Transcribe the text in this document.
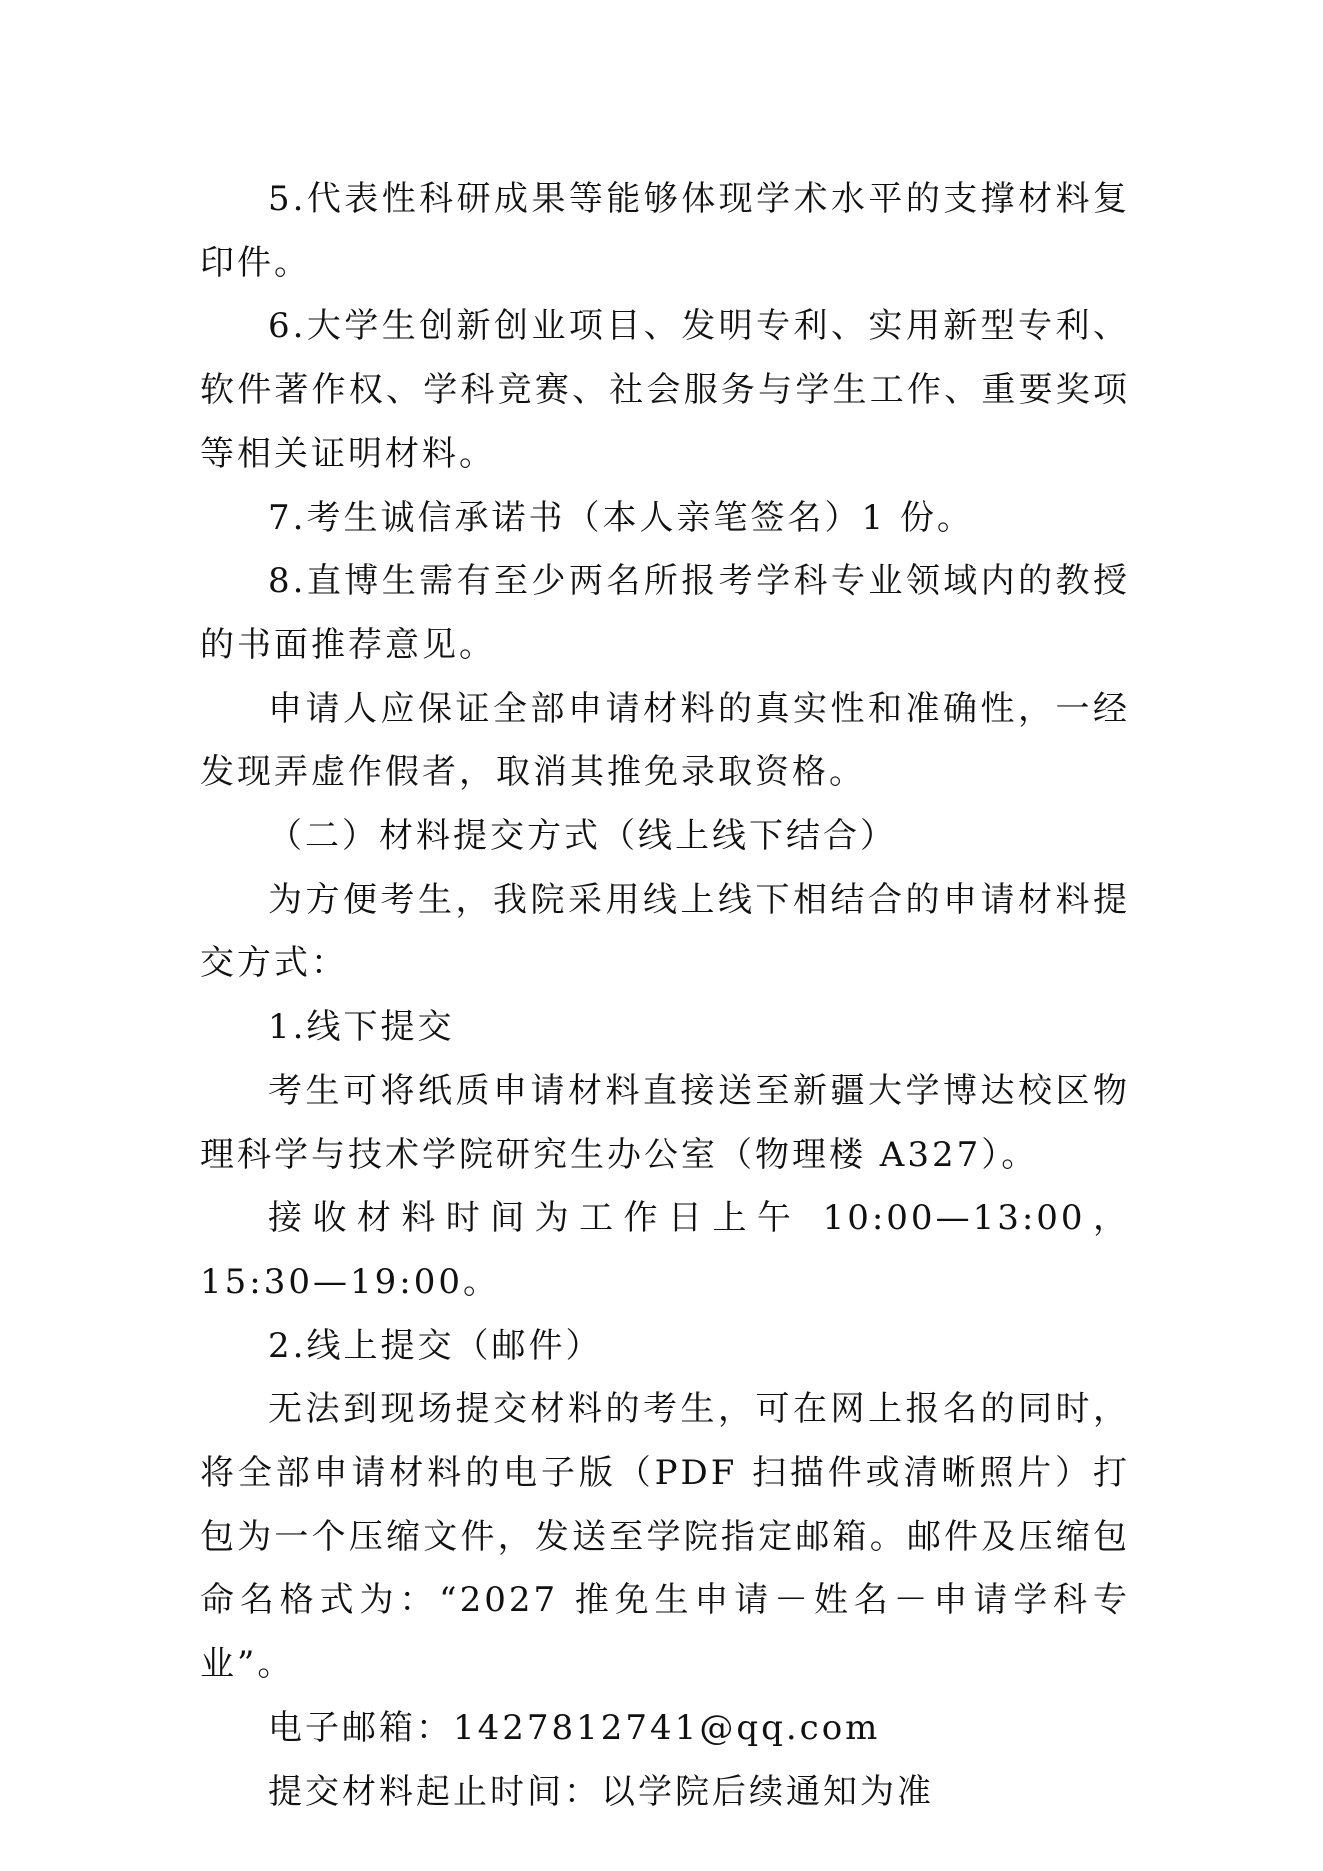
5.代表性科研成果等能够体现学术水平的支撑材料复印件。

6.大学生创新创业项目、发明专利、实用新型专利、软件著作权、学科竞赛、社会服务与学生工作、重要奖项等相关证明材料。

7.考生诚信承诺书（本人亲笔签名）1 份。

8.直博生需有至少两名所报考学科专业领域内的教授的书面推荐意见。

申请人应保证全部申请材料的真实性和准确性，一经发现弄虚作假者，取消其推免录取资格。

（二）材料提交方式（线上线下结合）

为方便考生，我院采用线上线下相结合的申请材料提交方式：

1.线下提交

考生可将纸质申请材料直接送至新疆大学博达校区物理科学与技术学院研究生办公室（物理楼 A327）。

接收材料时间为工作日上午 10:00—13:00，15:30—19:00。

2.线上提交（邮件）

无法到现场提交材料的考生，可在网上报名的同时，将全部申请材料的电子版（PDF 扫描件或清晰照片）打包为一个压缩文件，发送至学院指定邮箱。邮件及压缩包命名格式为：“2027 推免生申请－姓名－申请学科专业”。

电子邮箱：1427812741@qq.com

提交材料起止时间：以学院后续通知为准
